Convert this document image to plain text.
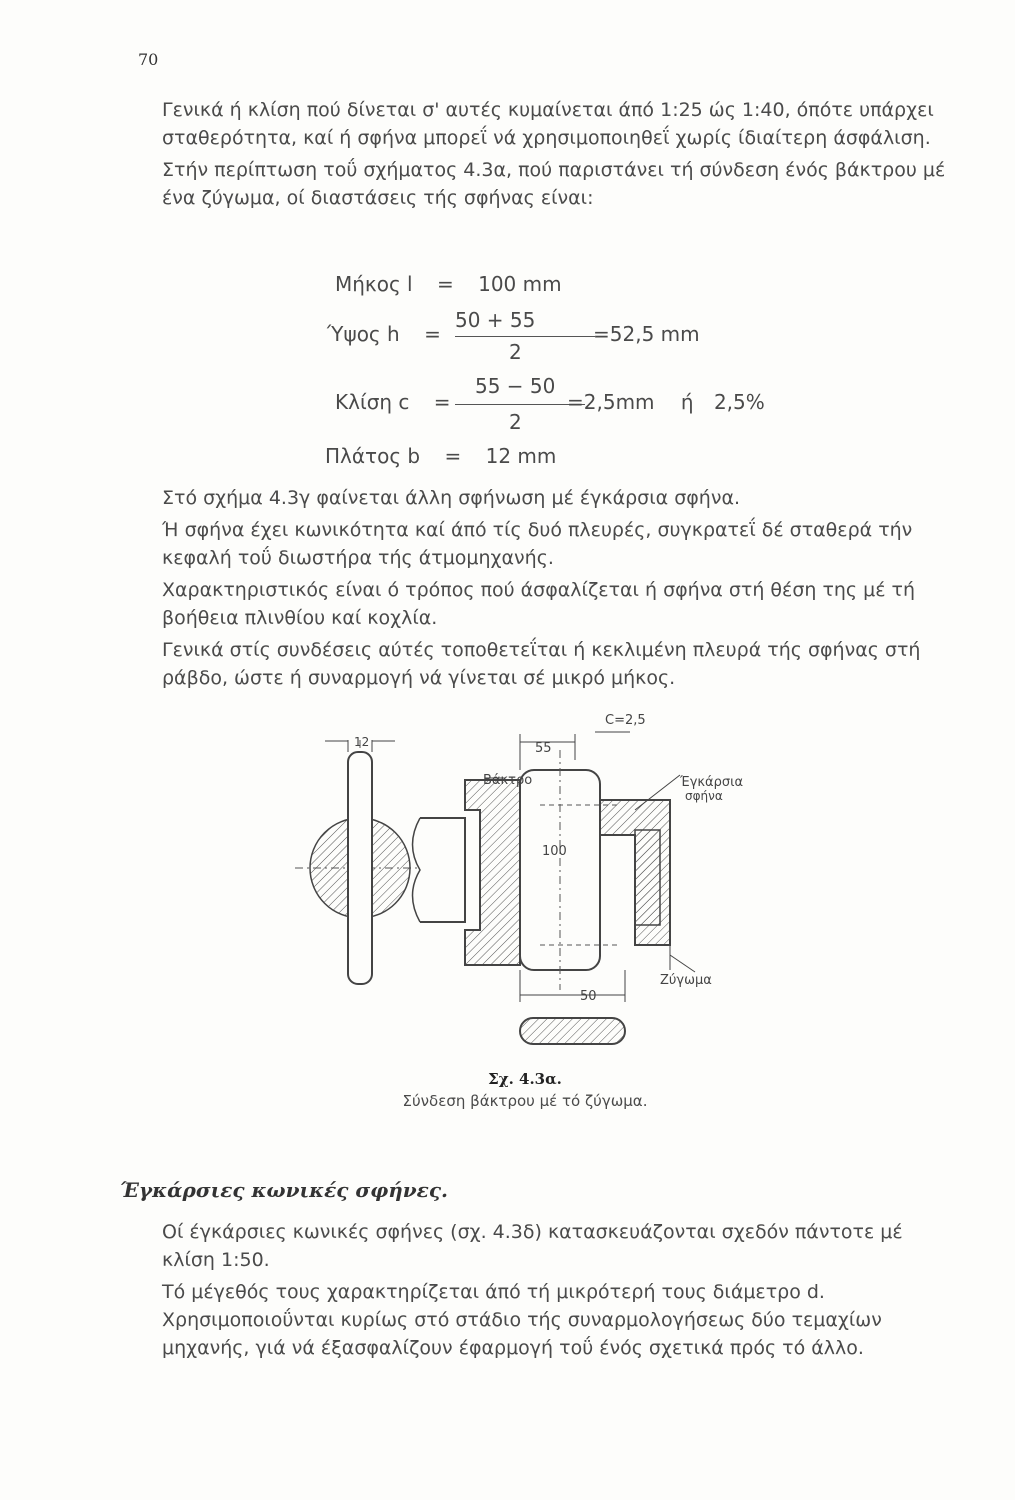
70

Γενικά ή κλίση πού δίνεται σ' αυτές κυμαίνεται άπό 1:25 ώς 1:40, όπότε υπάρχει σταθερότητα, καί ή σφήνα μπορεΐ νά χρησιμοποιηθεΐ χωρίς ίδιαίτερη άσφάλιση.

Στήν περίπτωση τοΰ σχήματος 4.3α, πού παριστάνει τή σύνδεση ένός βάκτρου μέ ένα ζύγωμα, οί διαστάσεις τής σφήνας είναι:

Μήκος l = 100 mm
50 + 55
Ύψος h =	=52,5 mm
2
55 − 50
Κλίση c =	=2,5mm ή 2,5%
2
Πλάτος b = 12 mm

Στό σχήμα 4.3γ φαίνεται άλλη σφήνωση μέ έγκάρσια σφήνα.

Ή σφήνα έχει κωνικότητα καί άπό τίς δυό πλευρές, συγκρατεΐ δέ σταθερά τήν κεφαλή τοΰ διωστήρα τής άτμομηχανής.

Χαρακτηριστικός είναι ό τρόπος πού άσφαλίζεται ή σφήνα στή θέση της μέ τή βοήθεια πλινθίου καί κοχλία.

Γενικά στίς συνδέσεις αύτές τοποθετεΐται ή κεκλιμένη πλευρά τής σφήνας στή ράβδο, ώστε ή συναρμογή νά γίνεται σέ μικρό μήκος.

12	55
C=2,5
100
50
Βάκτρο	Έγκάρσια
σφήνα
Ζύγωμα
Σχ. 4.3α.
Σύνδεση βάκτρου μέ τό ζύγωμα.
Έγκάρσιες κωνικές σφήνες.

Οί έγκάρσιες κωνικές σφήνες (σχ. 4.3δ) κατασκευάζονται σχεδόν πάντοτε μέ κλίση 1:50.

Τό μέγεθός τους χαρακτηρίζεται άπό τή μικρότερή τους διάμετρο d. Χρησιμοποιοΰνται κυρίως στό στάδιο τής συναρμολογήσεως δύο τεμαχίων μηχανής, γιά νά έξασφαλίζουν έφαρμογή τοΰ ένός σχετικά πρός τό άλλο.
